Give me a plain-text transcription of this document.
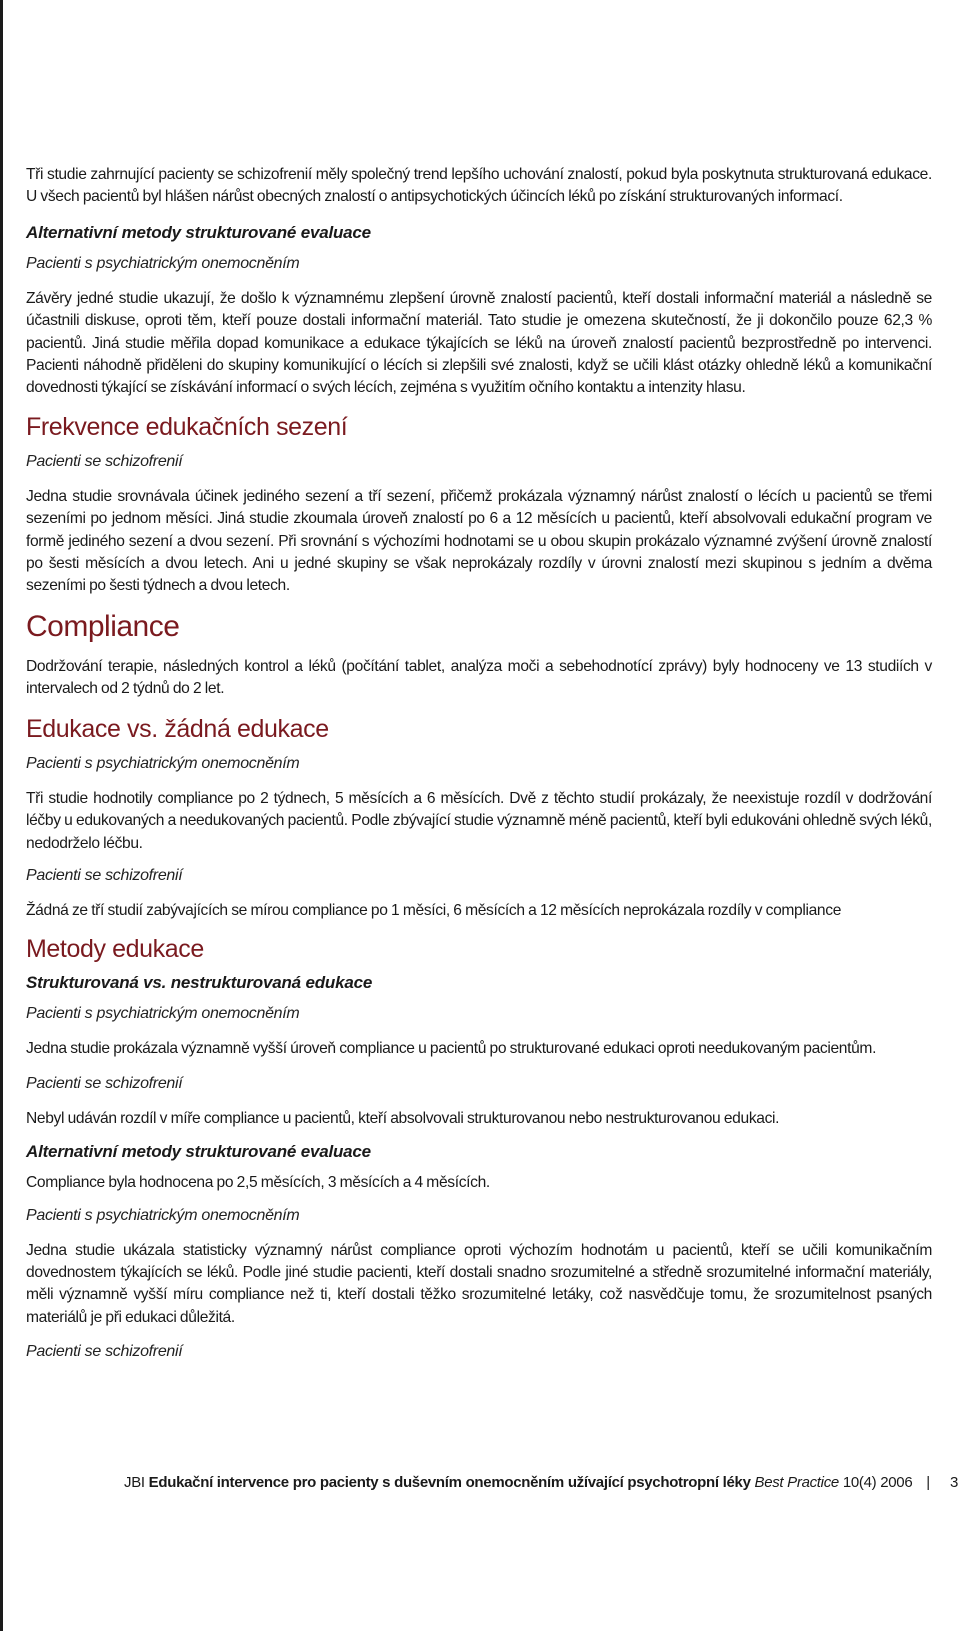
Tři studie zahrnující pacienty se schizofrenií měly společný trend lepšího uchování znalostí, pokud byla poskytnuta strukturovaná edukace. U všech pacientů byl hlášen nárůst obecných znalostí o antipsychotických účincích léků po získání strukturovaných informací.

Alternativní metody strukturované evaluace
Pacienti s psychiatrickým onemocněním

Závěry jedné studie ukazují, že došlo k významnému zlepšení úrovně znalostí pacientů, kteří dostali informační materiál a následně se účastnili diskuse, oproti těm, kteří pouze dostali informační materiál. Tato studie je omezena skutečností, že ji dokončilo pouze 62,3 % pacientů. Jiná studie měřila dopad komunikace a edukace týkajících se léků na úroveň znalostí pacientů bezprostředně po intervenci. Pacienti náhodně přiděleni do skupiny komunikující o lécích si zlepšili své znalosti, když se učili klást otázky ohledně léků a komunikační dovednosti týkající se získávání informací o svých lécích, zejména s využitím očního kontaktu a intenzity hlasu.

Frekvence edukačních sezení
Pacienti se schizofrenií

Jedna studie srovnávala účinek jediného sezení a tří sezení, přičemž prokázala významný nárůst znalostí o lécích u pacientů se třemi sezeními po jednom měsíci. Jiná studie zkoumala úroveň znalostí po 6 a 12 měsících u pacientů, kteří absolvovali edukační program ve formě jediného sezení a dvou sezení. Při srovnání s výchozími hodnotami se u obou skupin prokázalo významné zvýšení úrovně znalostí po šesti měsících a dvou letech. Ani u jedné skupiny se však neprokázaly rozdíly v úrovni znalostí mezi skupinou s jedním a dvěma sezeními po šesti týdnech a dvou letech.

Compliance

Dodržování terapie, následných kontrol a léků (počítání tablet, analýza moči a sebehodnotící zprávy) byly hodnoceny ve 13 studiích v intervalech od 2 týdnů do 2 let.

Edukace vs. žádná edukace
Pacienti s psychiatrickým onemocněním

Tři studie hodnotily compliance po 2 týdnech, 5 měsících a 6 měsících. Dvě z těchto studií prokázaly, že neexistuje rozdíl v dodržování léčby u edukovaných a needukovaných pacientů. Podle zbývající studie významně méně pacientů, kteří byli edukováni ohledně svých léků, nedodrželo léčbu.

Pacienti se schizofrenií

Žádná ze tří studií zabývajících se mírou compliance po 1 měsíci, 6 měsících a 12 měsících neprokázala rozdíly v compliance

Metody edukace
Strukturovaná vs. nestrukturovaná edukace
Pacienti s psychiatrickým onemocněním

Jedna studie prokázala významně vyšší úroveň compliance u pacientů po strukturované edukaci oproti needukovaným pacientům.

Pacienti se schizofrenií

Nebyl udáván rozdíl v míře compliance u pacientů, kteří absolvovali strukturovanou nebo nestrukturovanou edukaci.

Alternativní metody strukturované evaluace

Compliance byla hodnocena po 2,5 měsících, 3 měsících a 4 měsících.

Pacienti s psychiatrickým onemocněním

Jedna studie ukázala statisticky významný nárůst compliance oproti výchozím hodnotám u pacientů, kteří se učili komunikačním dovednostem týkajících se léků. Podle jiné studie pacienti, kteří dostali snadno srozumitelné a středně srozumitelné informační materiály, měli významně vyšší míru compliance než ti, kteří dostali těžko srozumitelné letáky, což nasvědčuje tomu, že srozumitelnost psaných materiálů je při edukaci důležitá.

Pacienti se schizofrenií
JBI Edukační intervence pro pacienty s duševním onemocněním užívající psychotropní léky Best Practice 10(4) 2006 | 3
